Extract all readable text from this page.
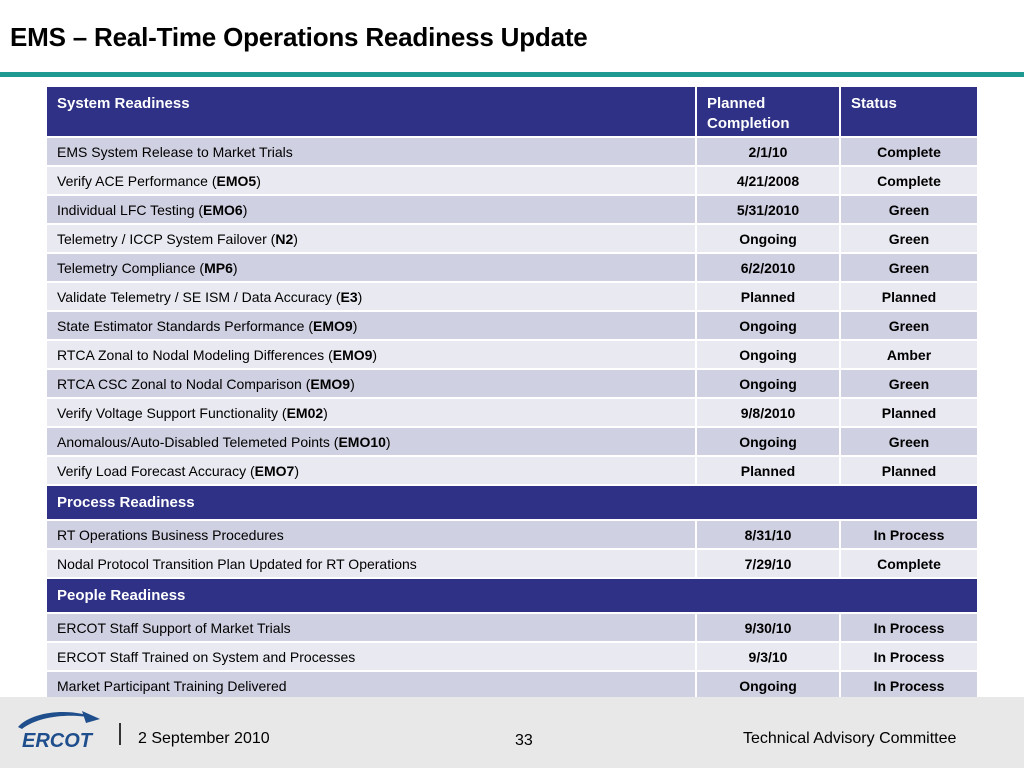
EMS – Real-Time Operations Readiness Update
System Readiness	Planned Completion	Status
EMS System Release to Market Trials	2/1/10	Complete
Verify ACE Performance (EMO5)	4/21/2008	Complete
Individual LFC Testing (EMO6)	5/31/2010	Green
Telemetry / ICCP System Failover (N2)	Ongoing	Green
Telemetry Compliance (MP6)	6/2/2010	Green
Validate Telemetry / SE ISM / Data Accuracy (E3)	Planned	Planned
State Estimator Standards Performance (EMO9)	Ongoing	Green
RTCA Zonal to Nodal Modeling Differences (EMO9)	Ongoing	Amber
RTCA CSC Zonal to Nodal Comparison (EMO9)	Ongoing	Green
Verify Voltage Support Functionality (EM02)	9/8/2010	Planned
Anomalous/Auto-Disabled Telemeted Points (EMO10)	Ongoing	Green
Verify Load Forecast Accuracy (EMO7)	Planned	Planned
Process Readiness		
RT Operations Business Procedures	8/31/10	In Process
Nodal Protocol Transition Plan Updated for RT Operations	7/29/10	Complete
People Readiness		
ERCOT Staff Support of Market Trials	9/30/10	In Process
ERCOT Staff Trained on System and Processes	9/3/10	In Process
Market Participant Training Delivered	Ongoing	In Process
ERCOT	2 September 2010	33	Technical Advisory Committee
